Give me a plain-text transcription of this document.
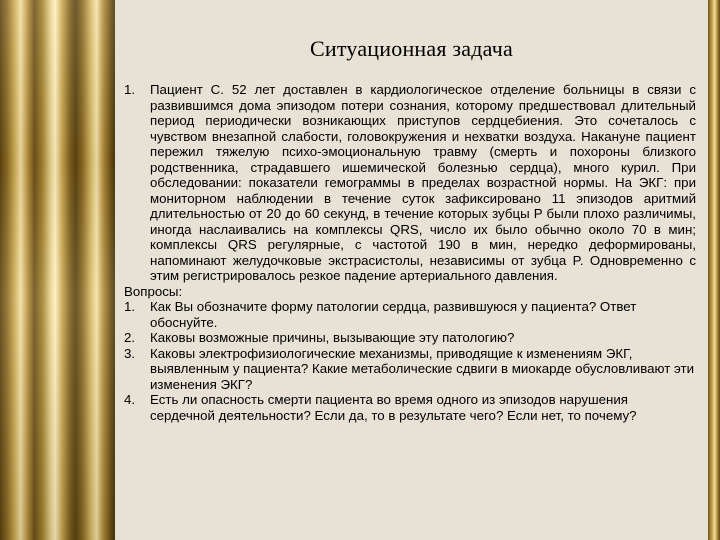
Ситуационная задача
1.	Пациент С. 52 лет доставлен в кардиологическое отделение больницы в связи с развившимся дома эпизодом потери сознания, которому предшествовал длительный период периодически возникающих приступов сердцебиения. Это сочеталось с чувством внезапной слабости, головокружения и нехватки воздуха. Накануне пациент пережил тяжелую психо-эмоциональную травму (смерть и похороны близкого родственника, страдавшего ишемической болезнью сердца), много курил. При обследовании: показатели гемограммы в пределах возрастной нормы. На ЭКГ: при мониторном наблюдении в течение суток зафиксировано 11 эпизодов аритмий длительностью от 20 до 60 секунд, в течение которых зубцы P были плохо различимы, иногда наслаивались на комплексы QRS, число их было обычно около 70 в мин; комплексы QRS регулярные, с частотой 190 в мин, нередко деформированы, напоминают желудочковые экстрасистолы, независимы от зубца P. Одновременно с этим регистрировалось резкое падение артериального давления.

Вопросы:

1.	Как Вы обозначите форму патологии сердца, развившуюся у пациента? Ответ обоснуйте.
2.	Каковы возможные причины, вызывающие эту патологию?
3.	Каковы электрофизиологические механизмы, приводящие к изменениям ЭКГ, выявленным у пациента? Какие метаболические сдвиги в миокарде обусловливают эти изменения ЭКГ?
4.	Есть ли опасность смерти пациента во время одного из эпизодов нарушения сердечной деятельности? Если да, то в результате чего? Если нет, то почему?
